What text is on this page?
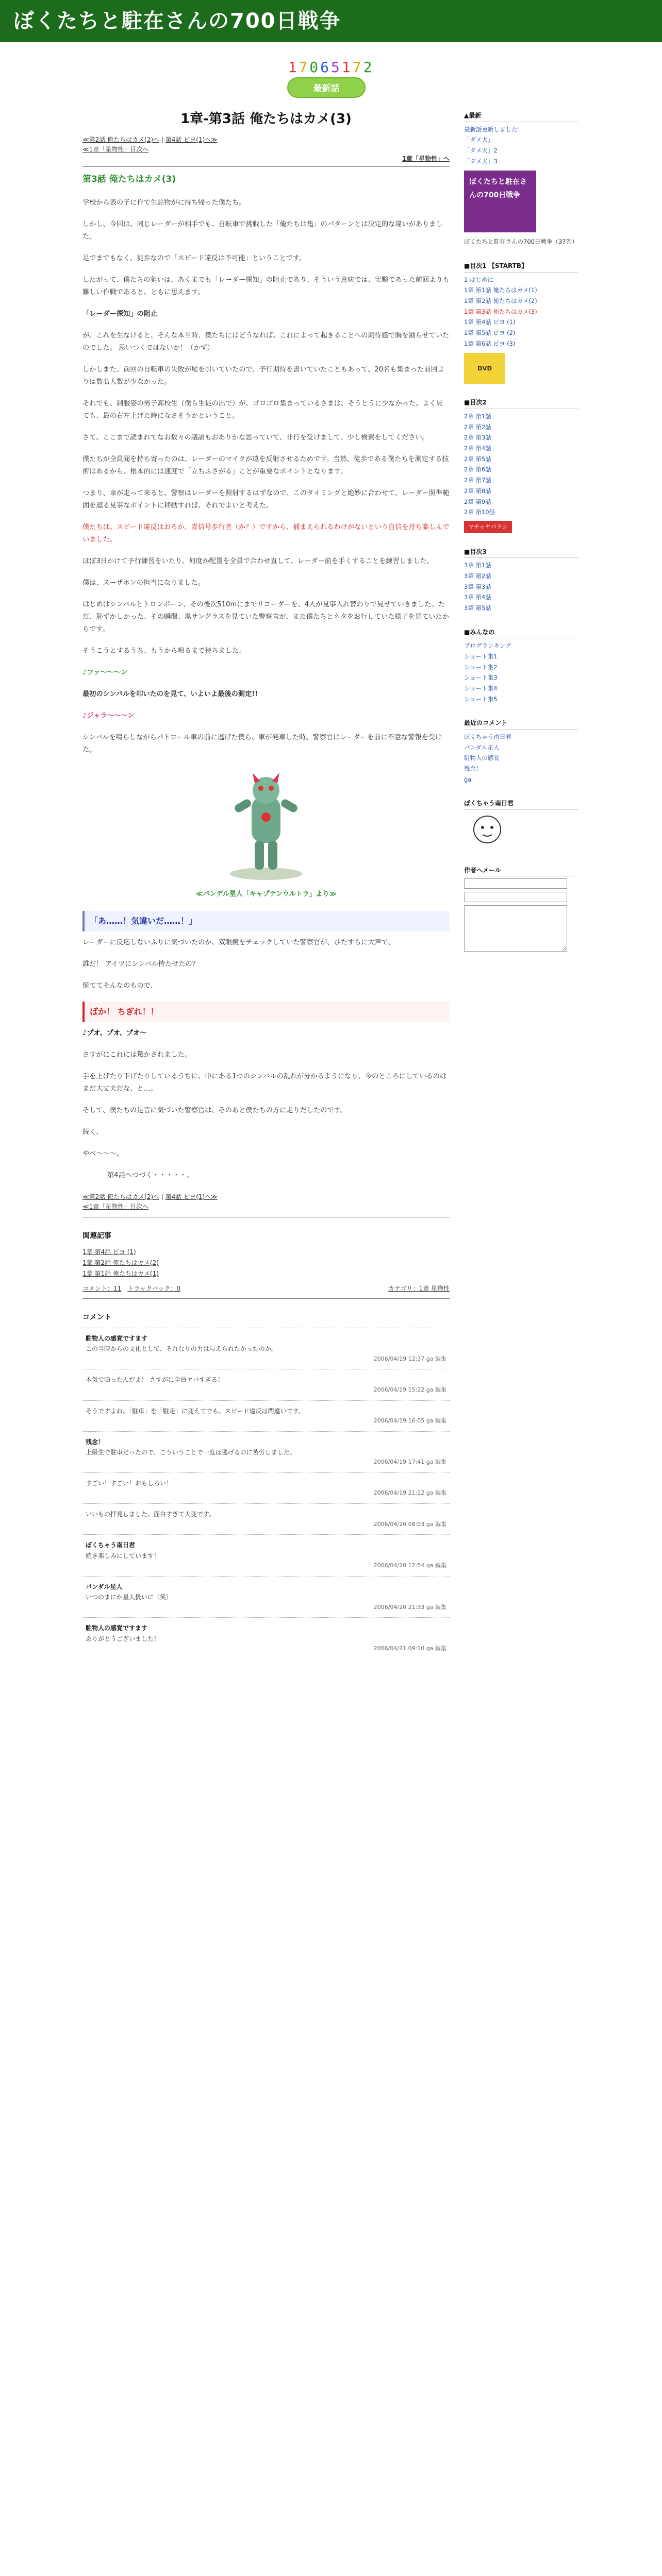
ぼくたちと駐在さんの700日戦争
17065172
最新話
1章-第3話 俺たちはカメ(3)
≪第2話 俺たちはカメ(2)へ | 第4話 ビヨ(1)へ≫
≪1章「星物性」目次へ
1章「星物性」へ
第3話 俺たちはカメ(3)

学校から表の子に作で生駐物がに持ち帰った僕たち。

しかし、今回は、同じレーダーが相手でも、自転車で挑戦した「俺たちは亀」のパターンとは決定的な違いがありました。

足でまでもなく、徒歩なので「スピード違反は不可能」ということです。

したがって、僕たちの狙いは、あくまでも「レーダー探知」の阻止であり、そういう意味では、実験であった前回よりも難しい作戦であると、ともに思えます。

「レーダー探知」の阻止

が、これを生なけると、そんな本当時、僕たちにはどうなれば、これによって起きることへの期待感で胸を踊らせていたのでした。 思いつくではないか！（かず）

しかしまた、前回の自転車の失敗が尾を引いていたので、予行期待を書いていたこともあって、20名も集まった前回よりは数名人数が少なかった。

それでも、制服姿の男子高校生（僕ら生徒の出で）が、ゴロゴロ集まっているさまは、そうとうに少なかった。よく見ても、最の右左上げた時になさそうかということ。

さて、ここまで読まれてなお数々の議論もおありかな思っていて、非行を受けまして、少し検索をしてください。

僕たちが全員聞を持ち寄ったのは、レーダーのマイクが遠を反射させるためです。当然、徒歩である僕たちを測定する技術はあるから、根本的には速度で「立ちふさがる」ことが重要なポイントとなります。

つまり、車が走って来ると、警察はレーダーを照射するはずなので、このタイミングと絶妙に合わせて、レーダー照準範囲を遮る見事なポイントに移動すれば、それでよいと考えた。

僕たちは、スピード違反はおろか、青信号歩行者（か？）ですから、捕まえられるわけがないという自信を持ち楽しんでいました。

ほぼ3日かけて予行練習をいたり、何度か配置を全員で合わせ直して、レーダー前を手くすることを練習しました。

僕は、スーザホンの担当になりました。

はじめはシンバルとトロンボーン、その後次510mにまでリコーダーを、4人が見事入れ替わりで見せていきました。ただ、恥ずかしかった、その瞬間、黒サングラスを見ていた警察官が、また僕たちとネタをお行していた様子を見ていたからです。

そうこうとするうち、もうから鳴るまで待ちました。

♪ファ〜〜〜ン

最初のシンバルを叩いたのを見て、いよいよ最後の測定!!

♪ジャラ〜〜〜ン

シンバルを鳴らしながらパトロール車の前に逃げた僕ら、車が発車した時、警察官はレーダーを前に不意な警報を受けた。

≪バンデル星人「キャプテンウルトラ」より≫
「あ……！気違いだ……！」

レーダーに反応しないふりに気づいたのか、双眼鏡をチェックしていた警察官が、ひたすらに大声で、

誰だ！ アイツにシンバル持たせたの？

慌ててそんなのもので、

ばか！ ちぎれ！！

♪プオ、プオ、プオ〜

さすがにこれには驚かされました。

手を上げたり下げたりしているうちに、中にある1つのシンバルの乱れが分かるようになり、今のところにしているのはまだ大丈夫だな、と…。

そして、僕たちの足音に気づいた警察官は、そのあと僕たちの方に走りだしたのです。

続く、

やべ〜〜〜。

第4話へつづく・・・・・。

≪第2話 俺たちはカメ(2)へ | 第4話 ビヨ(1)へ≫
≪1章「星物性」目次へ
関連記事
1章 第4話 ビヨ (1)
1章 第2話 俺たちはカメ(2)
1章 第1話 俺たちはカメ(1)
コメント：11　 トラックバック：0	カテゴリ：1章 星物性
コメント
駐物人の感覚ですます
この当時からの文化として、それなりの力は与えられたかったのか。
2006/04/19 12:37 ga 編集
本気で鳴ったんだよ！ さすがに全員ヤバすぎる！
2006/04/19 15:22 ga 編集
そうですよね、「駐車」を「駐走」に変えてでも、スピード違反は間違いです。
2006/04/19 16:05 ga 編集
残念！
上級生で駐車だったので、こういうことで一度は逃げるのに苦労しました。
2006/04/19 17:41 ga 編集
すごい！すごい！おもしろい！
2006/04/19 21:12 ga 編集
いいもの拝見しました。面白すぎて大変です。
2006/04/20 08:03 ga 編集
ぼくちゃう南日君
続き楽しみにしています！
2006/04/20 12:54 ga 編集
パンダル星人
いつのまにか星人扱いに（笑）
2006/04/20 21:33 ga 編集
駐物人の感覚ですます
ありがとうございました！
2006/04/21 09:10 ga 編集
▲最新
最新話更新しました！
「ダメ犬」
「ダメ犬」2
「ダメ犬」3
ぼくたちと駐在さんの700日戦争
ぼくたちと駐在さんの700日戦争（37巻）
■目次1 【STARTB】
1 はじめに
1章 第1話 俺たちはカメ(1)
1章 第2話 俺たちはカメ(2)
1章 第3話 俺たちはカメ(3)
1章 第4話 ビヨ (1)
1章 第5話 ビヨ (2)
1章 第6話 ビヨ (3)
DVD
■目次2
2章 第1話
2章 第2話
2章 第3話
2章 第4話
2章 第5話
2章 第6話
2章 第7話
2章 第8話
2章 第9話
2章 第10話
マチャヤパラシ
■目次3
3章 第1話
3章 第2話
3章 第3話
3章 第4話
3章 第5話
■みんなの
ブログランキング
ショート集1
ショート集2
ショート集3
ショート集4
ショート集5
最近のコメント
ぼくちゃう南日君
パンダル星人
駐物人の感覚
残念！
ga
ぼくちゃう南日君
作者へメール
